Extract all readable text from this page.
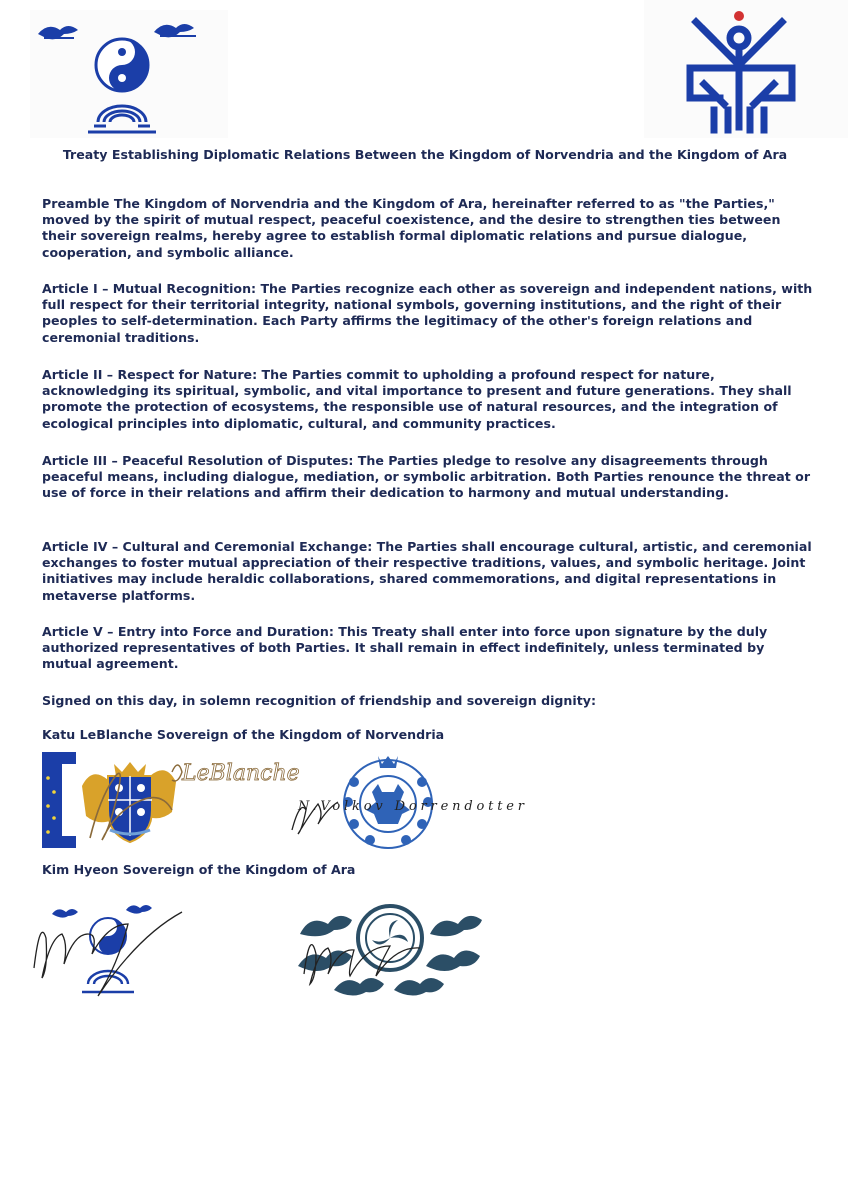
Treaty Establishing Diplomatic Relations Between the Kingdom of Norvendria and the Kingdom of Ara
Preamble The Kingdom of Norvendria and the Kingdom of Ara, hereinafter referred to as "the Parties," moved by the spirit of mutual respect, peaceful coexistence, and the desire to strengthen ties between their sovereign realms, hereby agree to establish formal diplomatic relations and pursue dialogue, cooperation, and symbolic alliance.
Article I – Mutual Recognition: The Parties recognize each other as sovereign and independent nations, with full respect for their territorial integrity, national symbols, governing institutions, and the right of their peoples to self-determination. Each Party affirms the legitimacy of the other's foreign relations and ceremonial traditions.
Article II – Respect for Nature: The Parties commit to upholding a profound respect for nature, acknowledging its spiritual, symbolic, and vital importance to present and future generations. They shall promote the protection of ecosystems, the responsible use of natural resources, and the integration of ecological principles into diplomatic, cultural, and community practices.
Article III – Peaceful Resolution of Disputes: The Parties pledge to resolve any disagreements through peaceful means, including dialogue, mediation, or symbolic arbitration. Both Parties renounce the threat or use of force in their relations and affirm their dedication to harmony and mutual understanding.
Article IV – Cultural and Ceremonial Exchange: The Parties shall encourage cultural, artistic, and ceremonial exchanges to foster mutual appreciation of their respective traditions, values, and symbolic heritage. Joint initiatives may include heraldic collaborations, shared commemorations, and digital representations in metaverse platforms.
Article V – Entry into Force and Duration: This Treaty shall enter into force upon signature by the duly authorized representatives of both Parties. It shall remain in effect indefinitely, unless terminated by mutual agreement.
Signed on this day, in solemn recognition of friendship and sovereign dignity:
Katu LeBlanche Sovereign of the Kingdom of Norvendria
LeBlanche
N.Volkov Dorrendotter
Kim Hyeon Sovereign of the Kingdom of Ara
